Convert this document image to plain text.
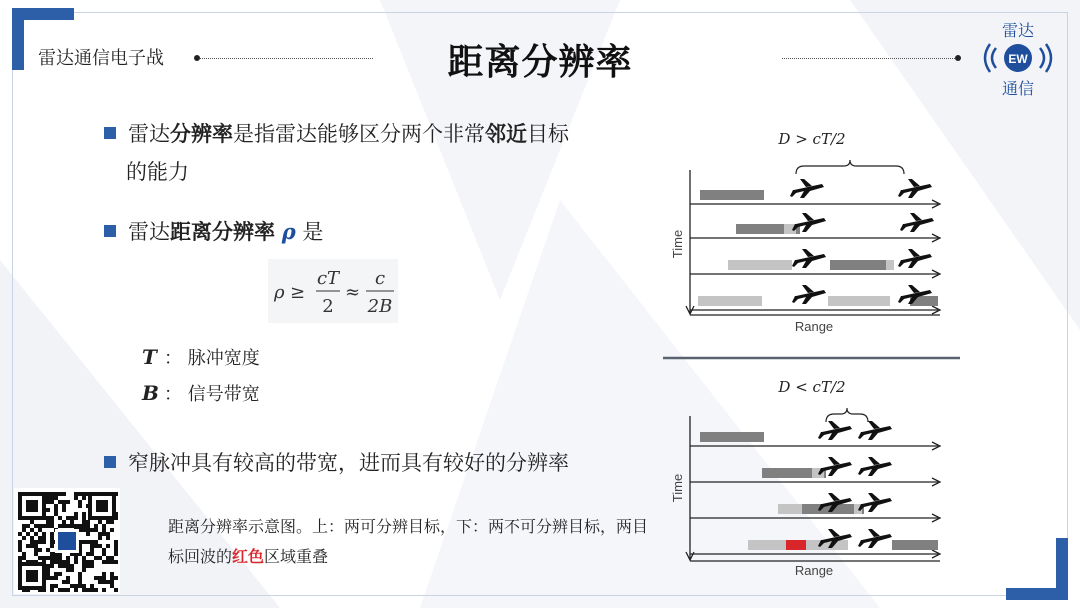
雷达通信电子战	距离分辨率
雷达
EW
通信
雷达分辨率是指雷达能够区分两个非常邻近目标
的能力
雷达距离分辨率 ρ 是
ρ ≥
cT
2
≈
c
2B
T ： 脉冲宽度
B ： 信号带宽
窄脉冲具有较高的带宽，进而具有较好的分辨率
距离分辨率示意图。上：两可分辨目标，下：两不可分辨目标，两目标回波的红色区域重叠
D > cT/2
D < cT/2
Time
Time
Range
Range
